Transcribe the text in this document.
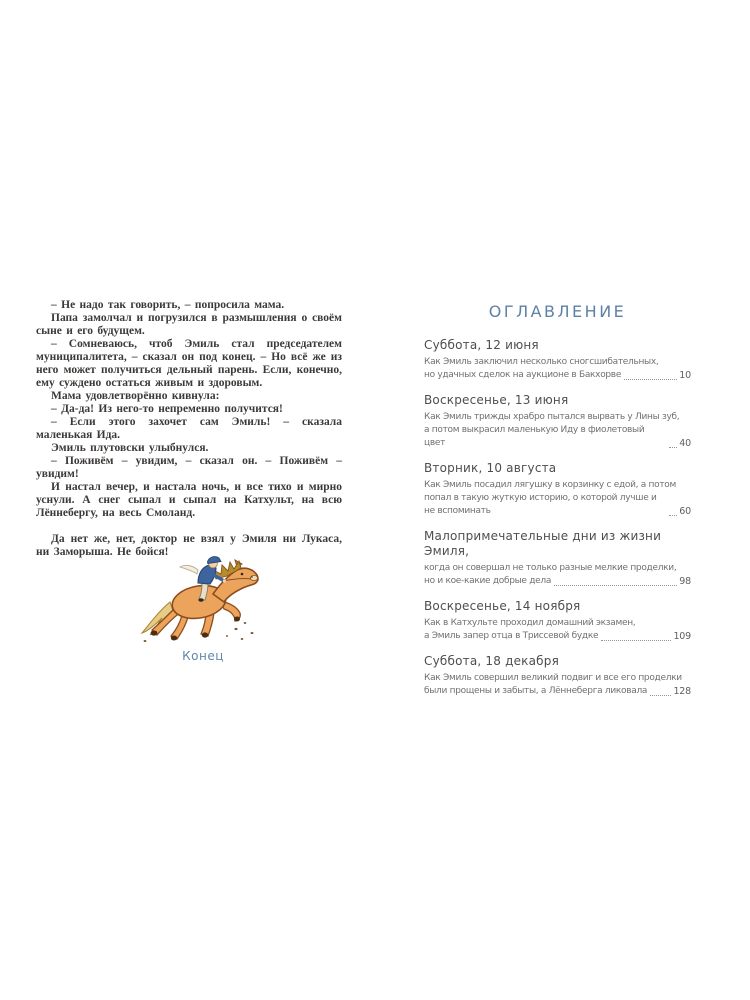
– Не надо так говорить, – попросила мама.

Папа замолчал и погрузился в размышления о своём сыне и его будущем.

– Сомневаюсь, чтоб Эмиль стал председателем муниципалитета, – сказал он под конец. – Но всё же из него может получиться дельный парень. Если, конечно, ему суждено остаться живым и здоровым.

Мама удовлетворённо кивнула:

– Да-да! Из него-то непременно получится!

– Если этого захочет сам Эмиль! – сказала маленькая Ида.

Эмиль плутовски улыбнулся.

– Поживём – увидим, – сказал он. – Поживём – увидим!

И настал вечер, и настала ночь, и все тихо и мирно уснули. А снег сыпал и сыпал на Катхульт, на всю Лённебергу, на весь Смоланд.

Да нет же, нет, доктор не взял у Эмиля ни Лукаса, ни Заморыша. Не бойся!

Конец
ОГЛАВЛЕНИЕ
Суббота, 12 июня
Как Эмиль заключил несколько сногсшибательных,
но удачных сделок на аукционе в Бакхорве	10
Воскресенье, 13 июня
Как Эмиль трижды храбро пытался вырвать у Лины зуб,
а потом выкрасил маленькую Иду в фиолетовый цвет	40
Вторник, 10 августа
Как Эмиль посадил лягушку в корзинку с едой, а потом
попал в такую жуткую историю, о которой лучше и не вспоминать	60
Малопримечательные дни из жизни Эмиля,
когда он совершал не только разные мелкие проделки,
но и кое-какие добрые дела	98
Воскресенье, 14 ноября
Как в Катхульте проходил домашний экзамен,
а Эмиль запер отца в Триссевой будке	109
Суббота, 18 декабря
Как Эмиль совершил великий подвиг и все его проделки
были прощены и забыты, а Лённеберга ликовала	128
